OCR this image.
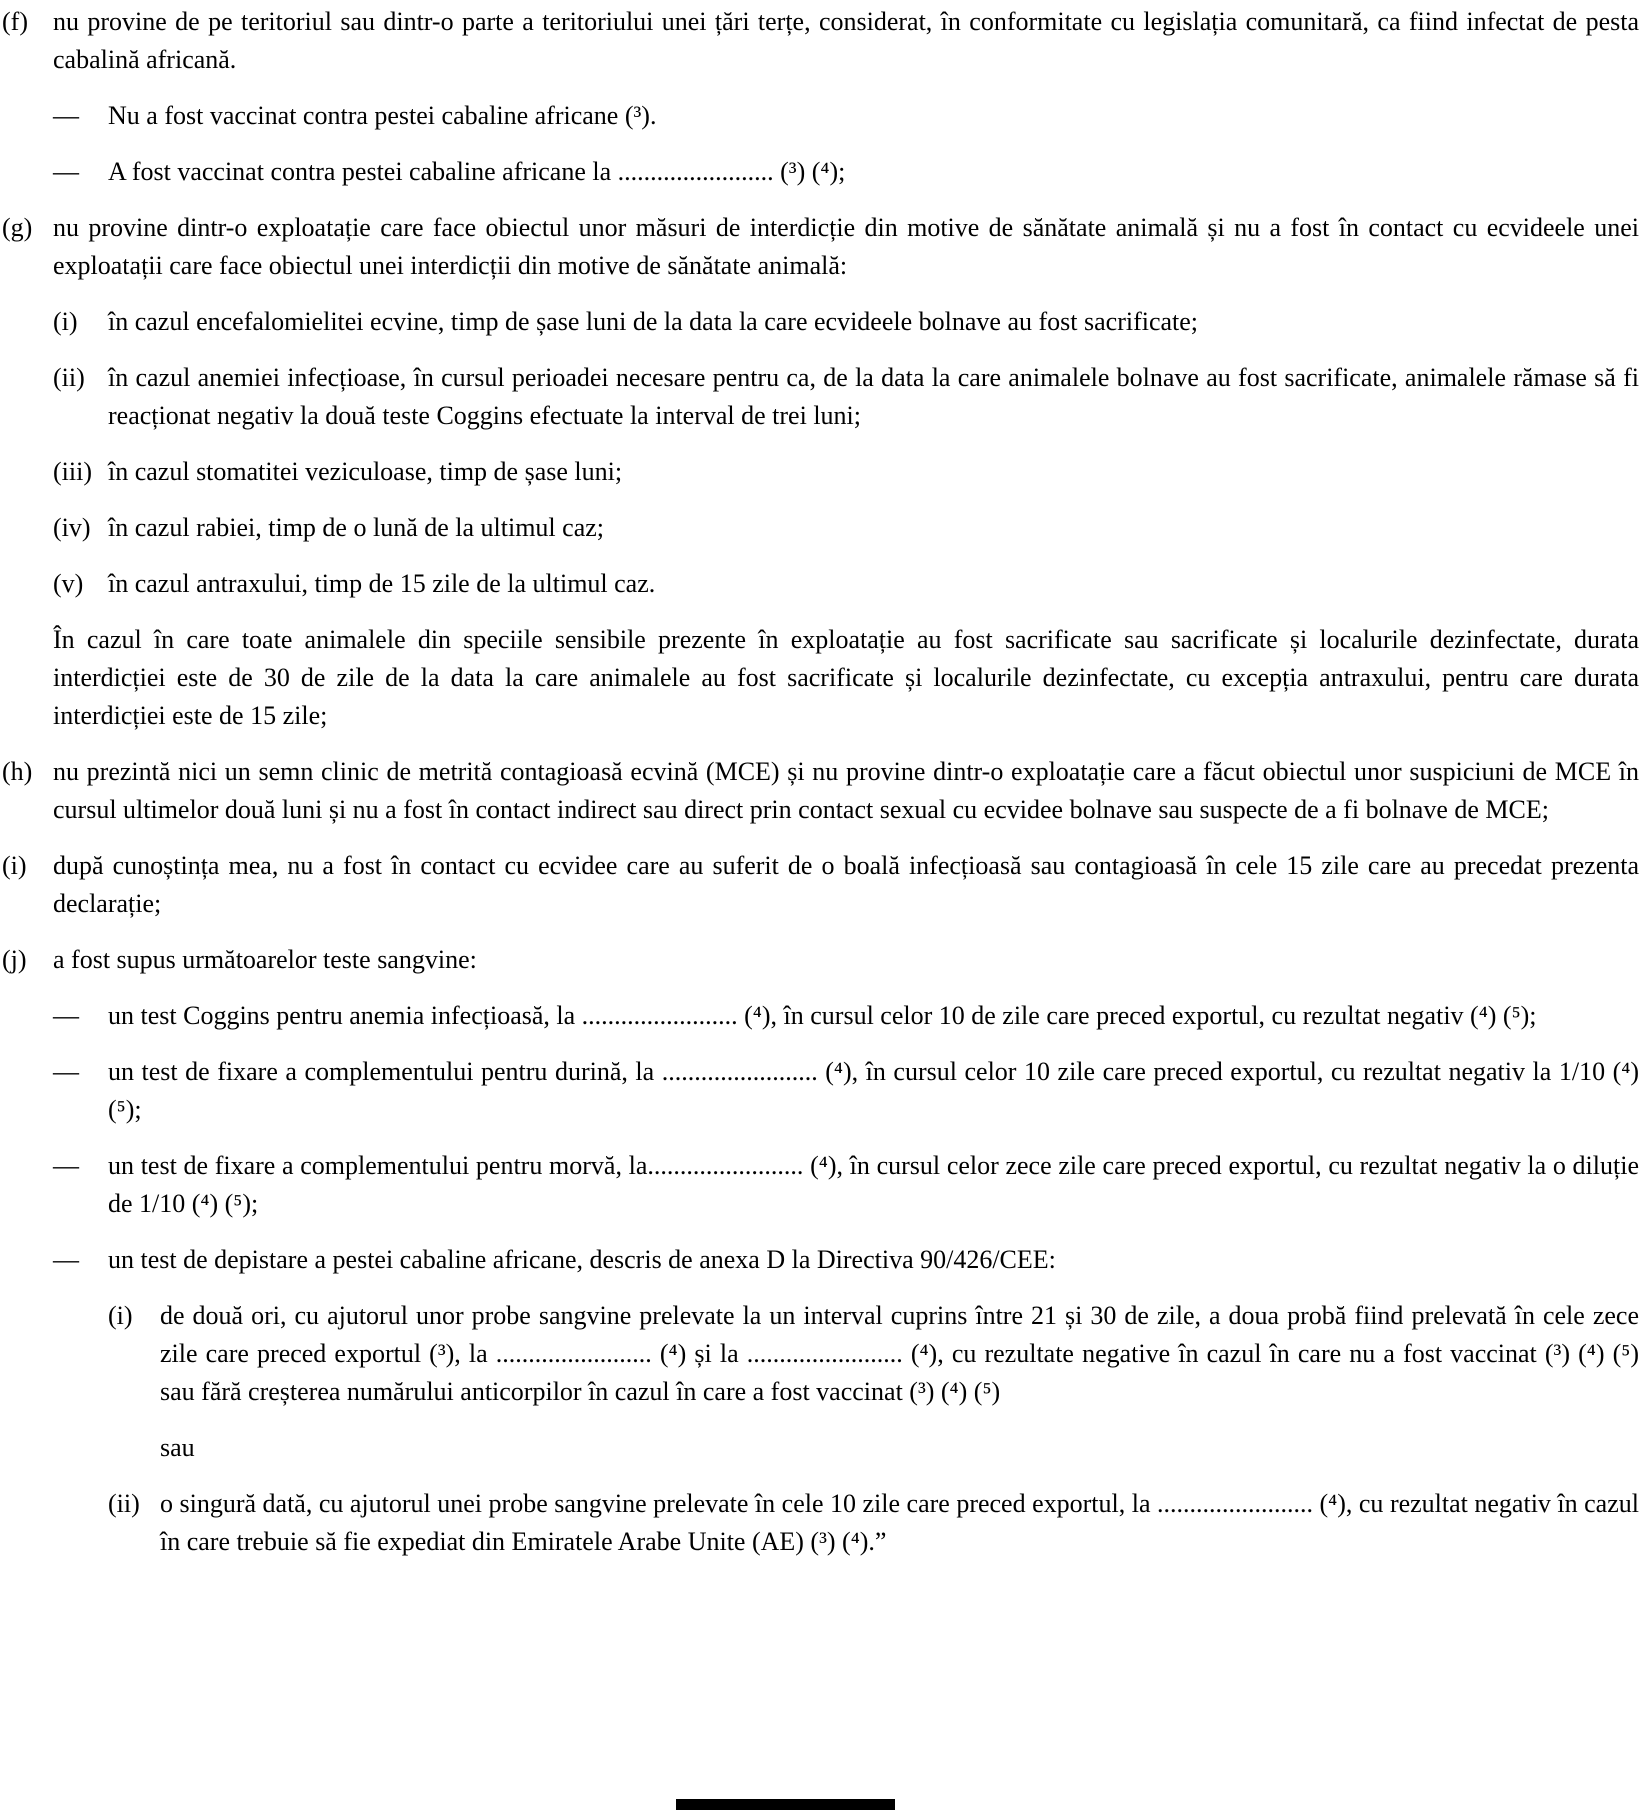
(f) nu provine de pe teritoriul sau dintr-o parte a teritoriului unei țări terțe, considerat, în conformitate cu legislația comunitară, ca fiind infectat de pesta cabalină africană.
— Nu a fost vaccinat contra pestei cabaline africane (³).
— A fost vaccinat contra pestei cabaline africane la ........................ (³) (⁴);
(g) nu provine dintr-o exploatație care face obiectul unor măsuri de interdicție din motive de sănătate animală și nu a fost în contact cu ecvideele unei exploatații care face obiectul unei interdicții din motive de sănătate animală:
(i) în cazul encefalomielitei ecvine, timp de șase luni de la data la care ecvideele bolnave au fost sacrificate;
(ii) în cazul anemiei infecțioase, în cursul perioadei necesare pentru ca, de la data la care animalele bolnave au fost sacrificate, animalele rămase să fi reacționat negativ la două teste Coggins efectuate la interval de trei luni;
(iii) în cazul stomatitei veziculoase, timp de șase luni;
(iv) în cazul rabiei, timp de o lună de la ultimul caz;
(v) în cazul antraxului, timp de 15 zile de la ultimul caz.
În cazul în care toate animalele din speciile sensibile prezente în exploatație au fost sacrificate sau sacrificate și localurile dezinfectate, durata interdicției este de 30 de zile de la data la care animalele au fost sacrificate și localurile dezinfectate, cu excepția antraxului, pentru care durata interdicției este de 15 zile;
(h) nu prezintă nici un semn clinic de metrită contagioasă ecvină (MCE) și nu provine dintr-o exploatație care a făcut obiectul unor suspiciuni de MCE în cursul ultimelor două luni și nu a fost în contact indirect sau direct prin contact sexual cu ecvidee bolnave sau suspecte de a fi bolnave de MCE;
(i) după cunoștința mea, nu a fost în contact cu ecvidee care au suferit de o boală infecțioasă sau contagioasă în cele 15 zile care au precedat prezenta declarație;
(j) a fost supus următoarelor teste sangvine:
— un test Coggins pentru anemia infecțioasă, la ........................ (⁴), în cursul celor 10 de zile care preced exportul, cu rezultat negativ (⁴) (⁵);
— un test de fixare a complementului pentru durină, la ........................ (⁴), în cursul celor 10 zile care preced exportul, cu rezultat negativ la 1/10 (⁴) (⁵);
— un test de fixare a complementului pentru morvă, la........................ (⁴), în cursul celor zece zile care preced exportul, cu rezultat negativ la o diluție de 1/10 (⁴) (⁵);
— un test de depistare a pestei cabaline africane, descris de anexa D la Directiva 90/426/CEE:
(i) de două ori, cu ajutorul unor probe sangvine prelevate la un interval cuprins între 21 și 30 de zile, a doua probă fiind prelevată în cele zece zile care preced exportul (³), la ........................ (⁴) și la ........................ (⁴), cu rezultate negative în cazul în care nu a fost vaccinat (³) (⁴) (⁵) sau fără creșterea numărului anticorpilor în cazul în care a fost vaccinat (³) (⁴) (⁵)
sau
(ii) o singură dată, cu ajutorul unei probe sangvine prelevate în cele 10 zile care preced exportul, la ........................ (⁴), cu rezultat negativ în cazul în care trebuie să fie expediat din Emiratele Arabe Unite (AE) (³) (⁴).”
